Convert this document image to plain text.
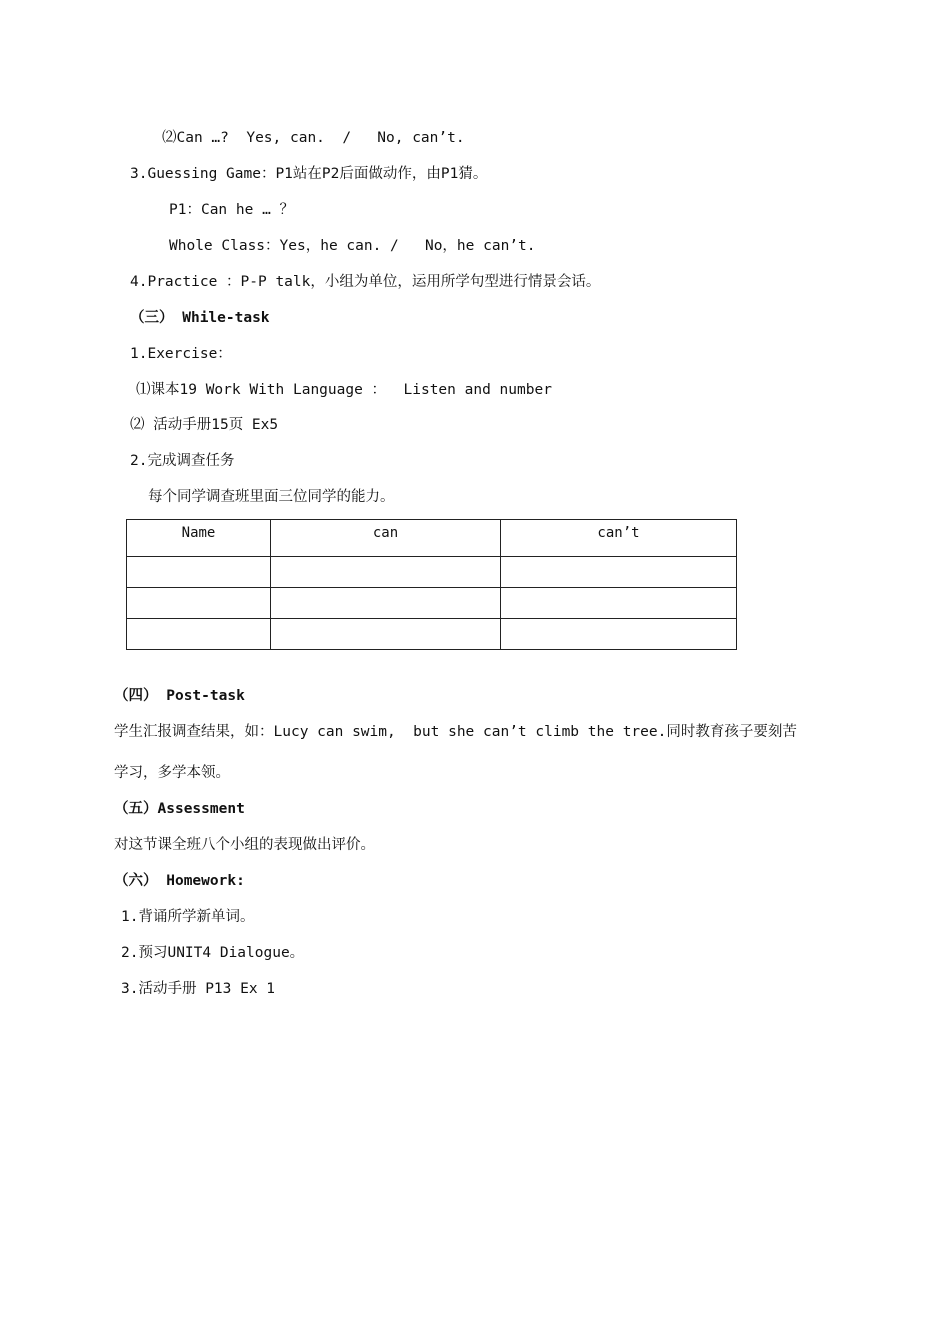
⑵Can …?  Yes, can.  /   No, can’t.
3.Guessing Game：P1站在P2后面做动作，由P1猜。
P1：Can he … ？
Whole Class：Yes，he can. /   No，he can’t.
4.Practice ：P-P talk，小组为单位，运用所学句型进行情景会话。
（三） While-task
1.Exercise：
⑴课本19 Work With Language ：  Listen and number
⑵ 活动手册15页 Ex5
2.完成调查任务
每个同学调查班里面三位同学的能力。
Name	can	can’t

（四） Post-task
学生汇报调查结果，如：Lucy can swim,  but she can’t climb the tree.同时教育孩子要刻苦
学习，多学本领。
（五）Assessment
对这节课全班八个小组的表现做出评价。
（六） Homework:
1.背诵所学新单词。
2.预习UNIT4 Dialogue。
3.活动手册 P13 Ex 1
